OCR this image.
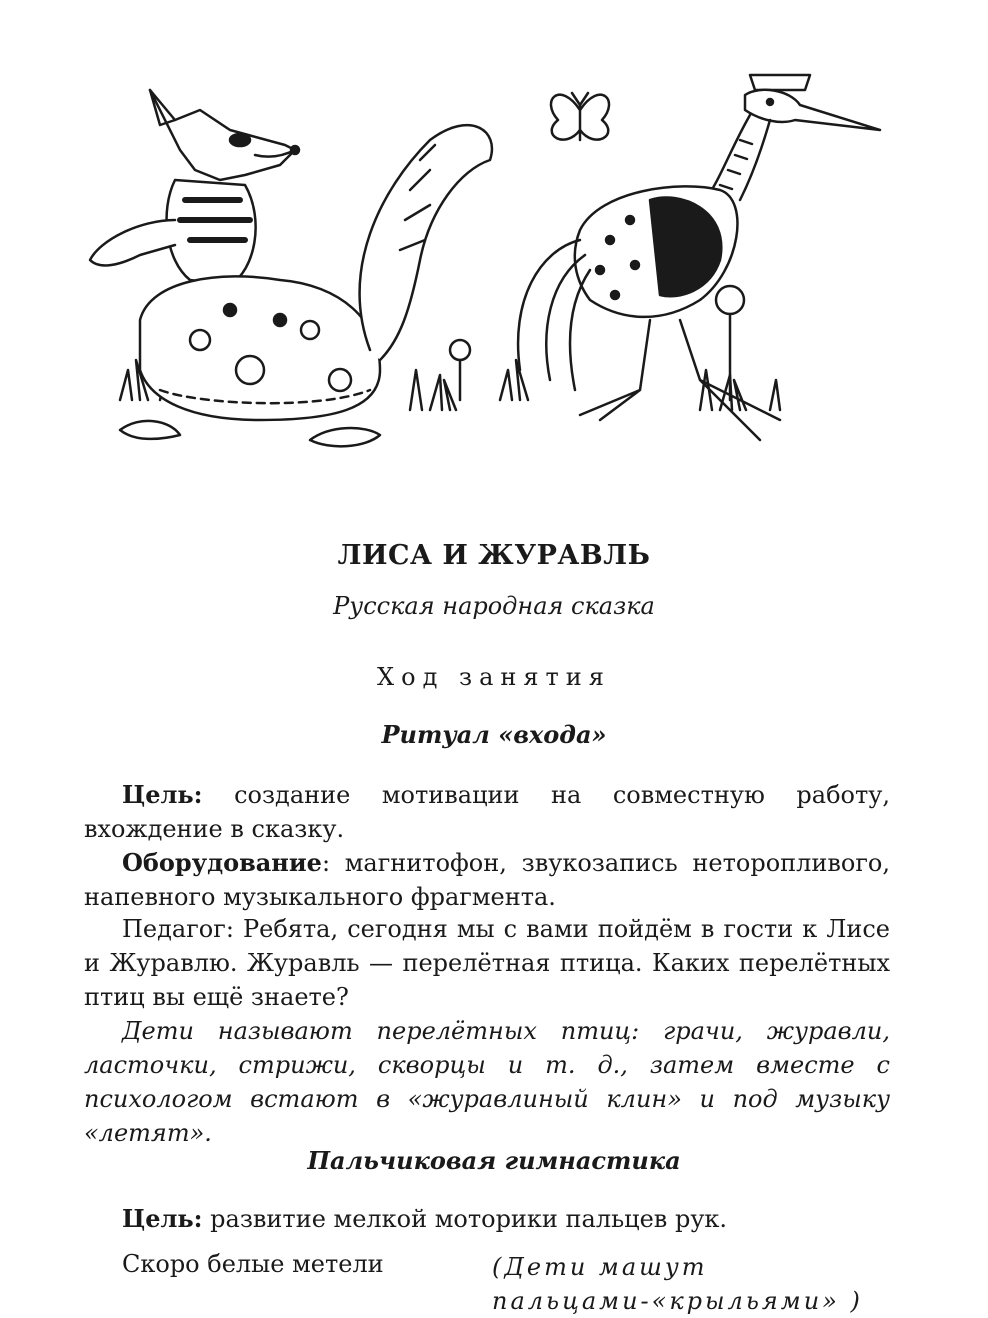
ЛИСА И ЖУРАВЛЬ
Русская народная сказка
Ход занятия
Ритуал «входа»

Цель: создание мотивации на совместную работу, вхождение в сказку.

Оборудование: магнитофон, звукозапись неторопливого, напевного музыкального фрагмента.

Педагог: Ребята, сегодня мы с вами пойдём в гости к Лисе и Журавлю. Журавль — перелётная птица. Каких перелётных птиц вы ещё знаете?

Дети называют перелётных птиц: грачи, журавли, ласточки, стрижи, скворцы и т. д., затем вместе с психологом встают в «журавлиный клин» и под музыку «летят».

Пальчиковая гимнастика

Цель: развитие мелкой моторики пальцев рук.

Скоро белые метели	(Дети машут пальцами-«крыльями» )
